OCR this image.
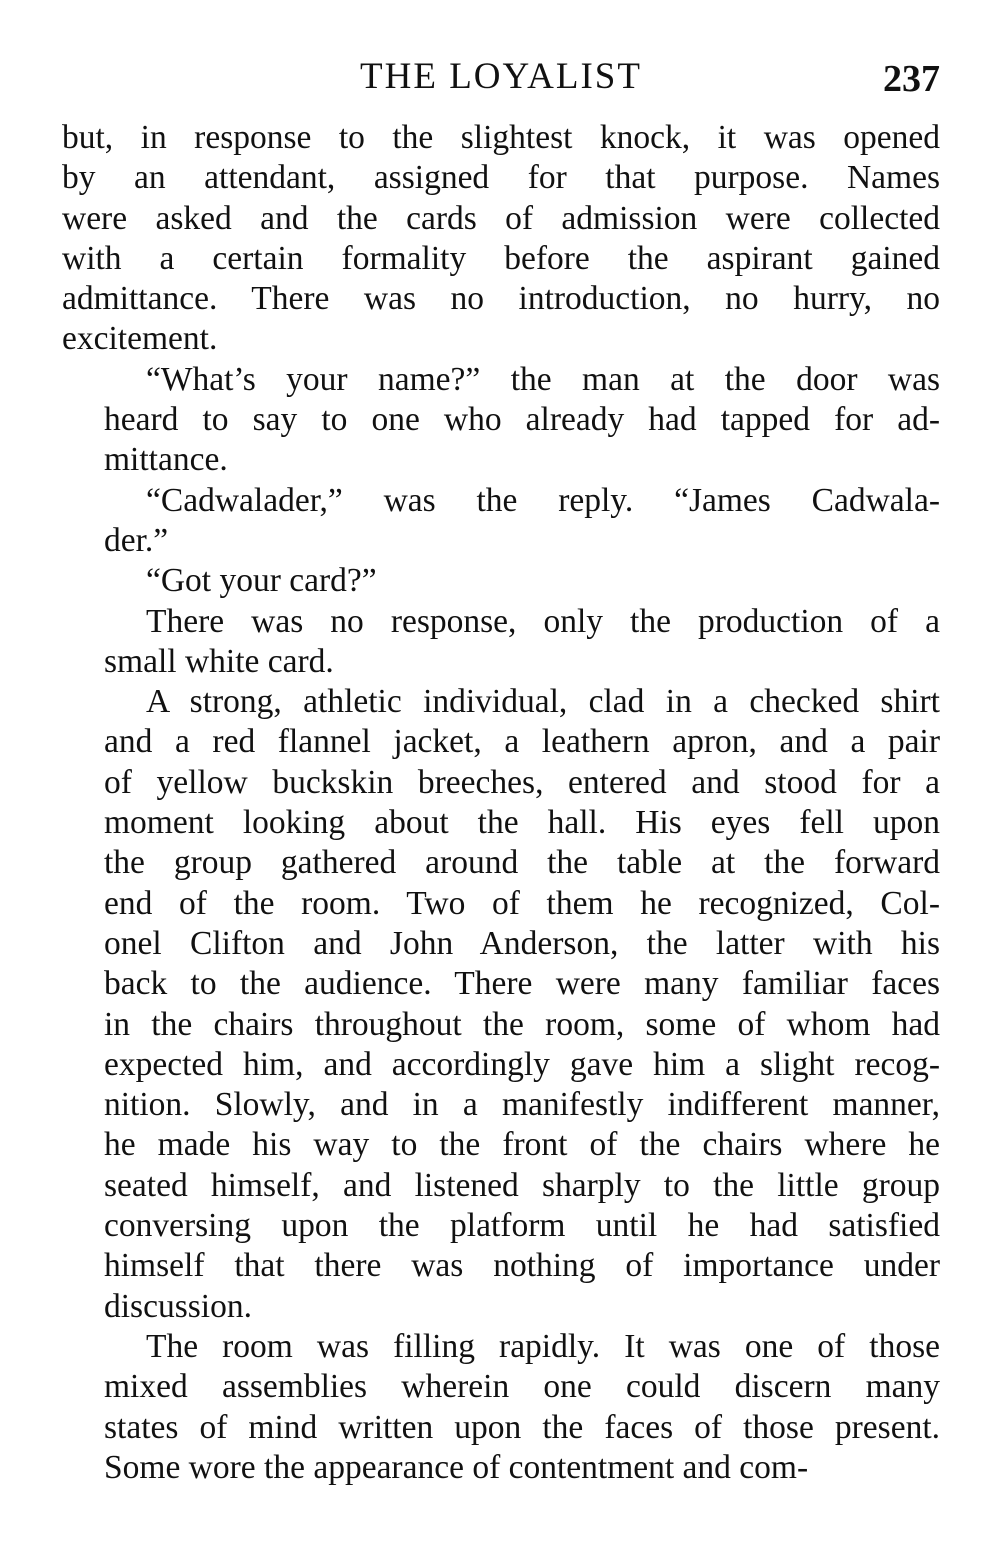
THE LOYALIST	237
but, in response to the slightest knock, it was opened
by an attendant, assigned for that purpose. Names
were asked and the cards of admission were collected
with a certain formality before the aspirant gained
admittance. There was no introduction, no hurry, no
excitement.
“What’s your name?” the man at the door was
heard to say to one who already had tapped for ad-
mittance.
“Cadwalader,” was the reply. “James Cadwala-
der.”
“Got your card?”
There was no response, only the production of a
small white card.
A strong, athletic individual, clad in a checked shirt
and a red flannel jacket, a leathern apron, and a pair
of yellow buckskin breeches, entered and stood for a
moment looking about the hall. His eyes fell upon
the group gathered around the table at the forward
end of the room. Two of them he recognized, Col-
onel Clifton and John Anderson, the latter with his
back to the audience. There were many familiar faces
in the chairs throughout the room, some of whom had
expected him, and accordingly gave him a slight recog-
nition. Slowly, and in a manifestly indifferent manner,
he made his way to the front of the chairs where he
seated himself, and listened sharply to the little group
conversing upon the platform until he had satisfied
himself that there was nothing of importance under
discussion.
The room was filling rapidly. It was one of those
mixed assemblies wherein one could discern many
states of mind written upon the faces of those present.
Some wore the appearance of contentment and com-
